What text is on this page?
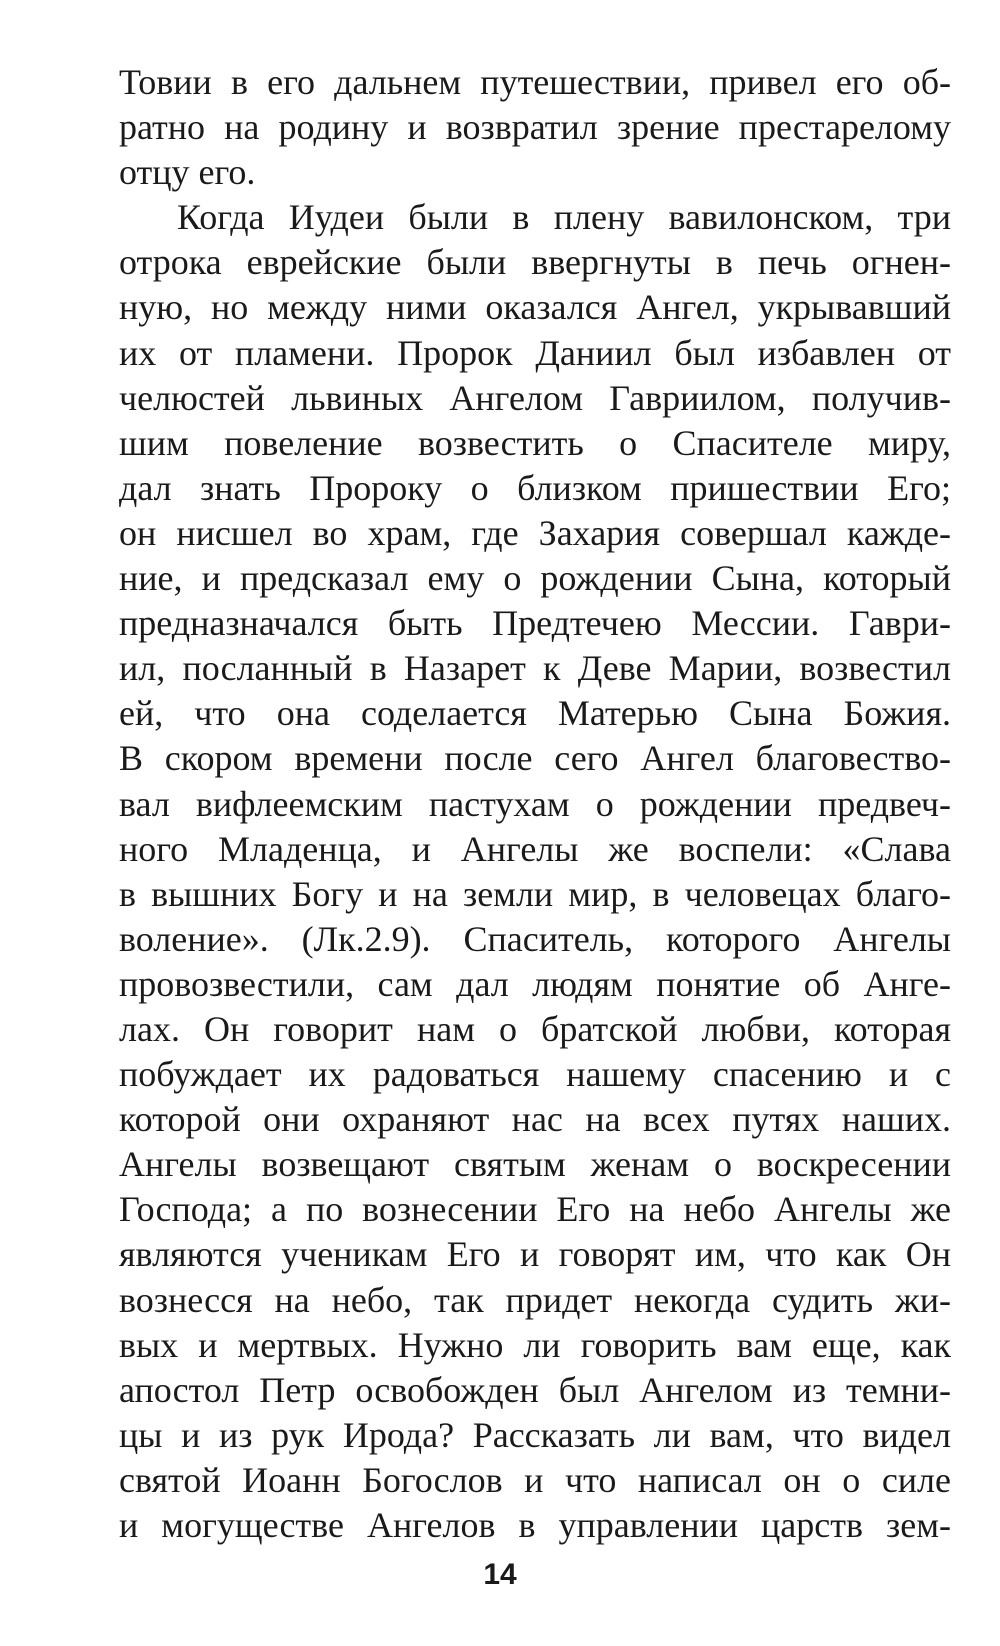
Товии в его дальнем путешествии, привел его об-
ратно на родину и возвратил зрение престарелому
отцу его.
Когда Иудеи были в плену вавилонском, три
отрока еврейские были ввергнуты в печь огнен-
ную, но между ними оказался Ангел, укрывавший
их от пламени. Пророк Даниил был избавлен от
челюстей львиных Ангелом Гавриилом, получив-
шим повеление возвестить о Спасителе миру,
дал знать Пророку о близком пришествии Его;
он нисшел во храм, где Захария совершал кажде-
ние, и предсказал ему о рождении Сына, который
предназначался быть Предтечею Мессии. Гаври-
ил, посланный в Назарет к Деве Марии, возвестил
ей, что она соделается Матерью Сына Божия.
В скором времени после сего Ангел благовество-
вал вифлеемским пастухам о рождении предвеч-
ного Младенца, и Ангелы же воспели: «Слава
в вышних Богу и на земли мир, в человецах благо-
воление». (Лк.2.9). Спаситель, которого Ангелы
провозвестили, сам дал людям понятие об Анге-
лах. Он говорит нам о братской любви, которая
побуждает их радоваться нашему спасению и с
которой они охраняют нас на всех путях наших.
Ангелы возвещают святым женам о воскресении
Господа; а по вознесении Его на небо Ангелы же
являются ученикам Его и говорят им, что как Он
вознесся на небо, так придет некогда судить жи-
вых и мертвых. Нужно ли говорить вам еще, как
апостол Петр освобожден был Ангелом из темни-
цы и из рук Ирода? Рассказать ли вам, что видел
святой Иоанн Богослов и что написал он о силе
и могуществе Ангелов в управлении царств зем-
14
